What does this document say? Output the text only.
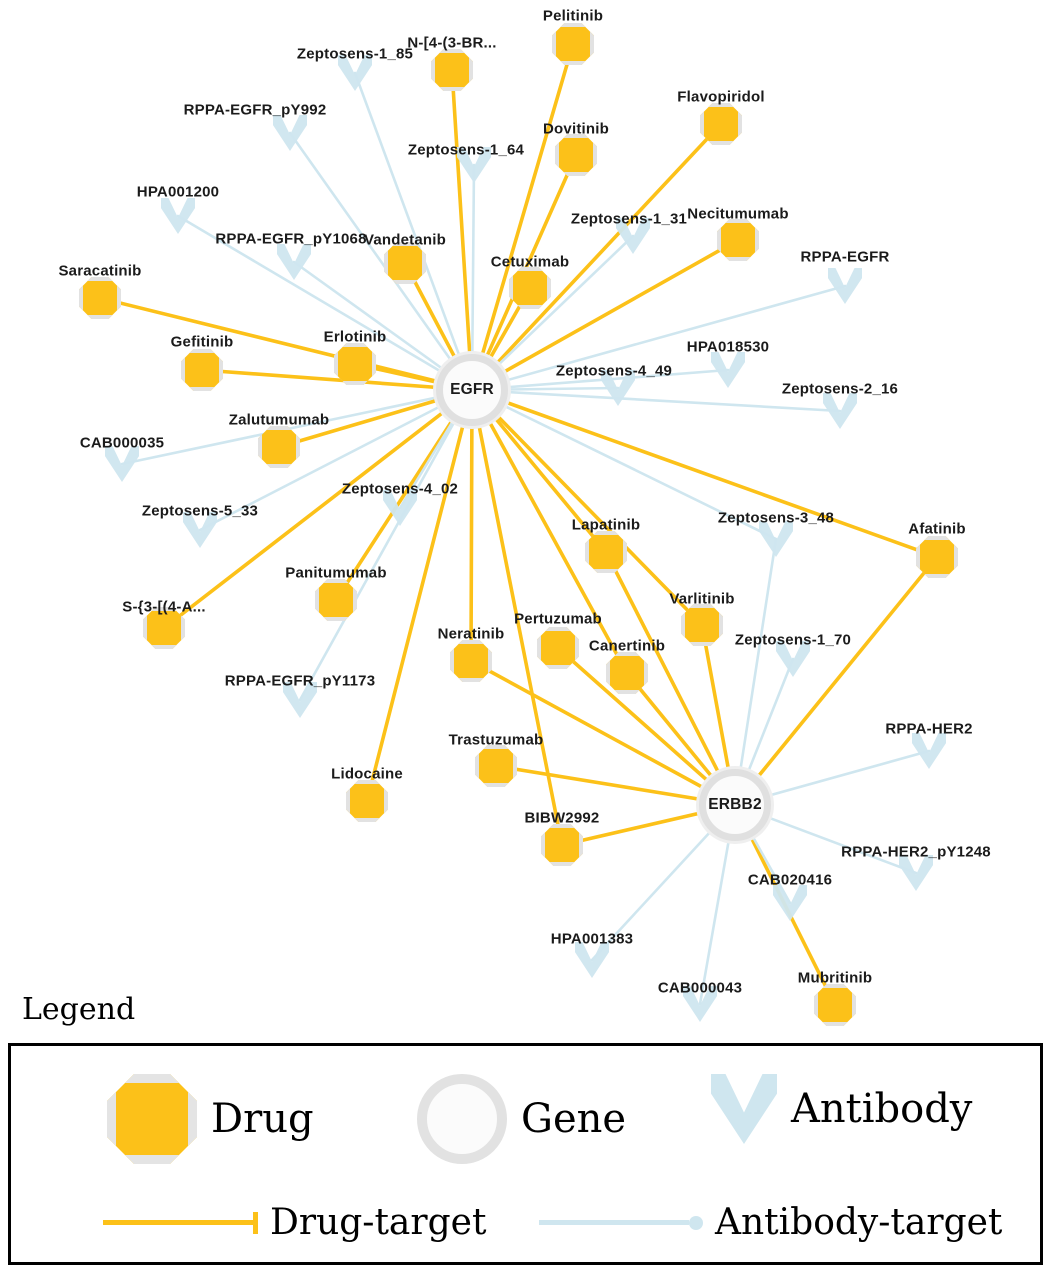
Zeptosens-1_85
RPPA-EGFR_pY992
Zeptosens-1_64
HPA001200
Zeptosens-1_31
RPPA-EGFR_pY1068
RPPA-EGFR
HPA018530
Zeptosens-4_49
Zeptosens-2_16
CAB000035
Zeptosens-5_33
Zeptosens-4_02
Zeptosens-3_48
Zeptosens-1_70
RPPA-EGFR_pY1173
RPPA-HER2
RPPA-HER2_pY1248
CAB020416
HPA001383
CAB000043
Pelitinib
N-[4-(3-BR...
Flavopiridol
Dovitinib
Necitumumab
Vandetanib
Cetuximab
Saracatinib
Gefitinib	Erlotinib
Zalutumumab
Lapatinib	Afatinib
Varlitinib
Panitumumab
S-{3-[(4-A...
Pertuzumab
Neratinib
Canertinib
Trastuzumab
Lidocaine
BIBW2992
Mubritinib
EGFR
ERBB2
Legend
Drug	Gene	Antibody
Drug-target	Antibody-target
